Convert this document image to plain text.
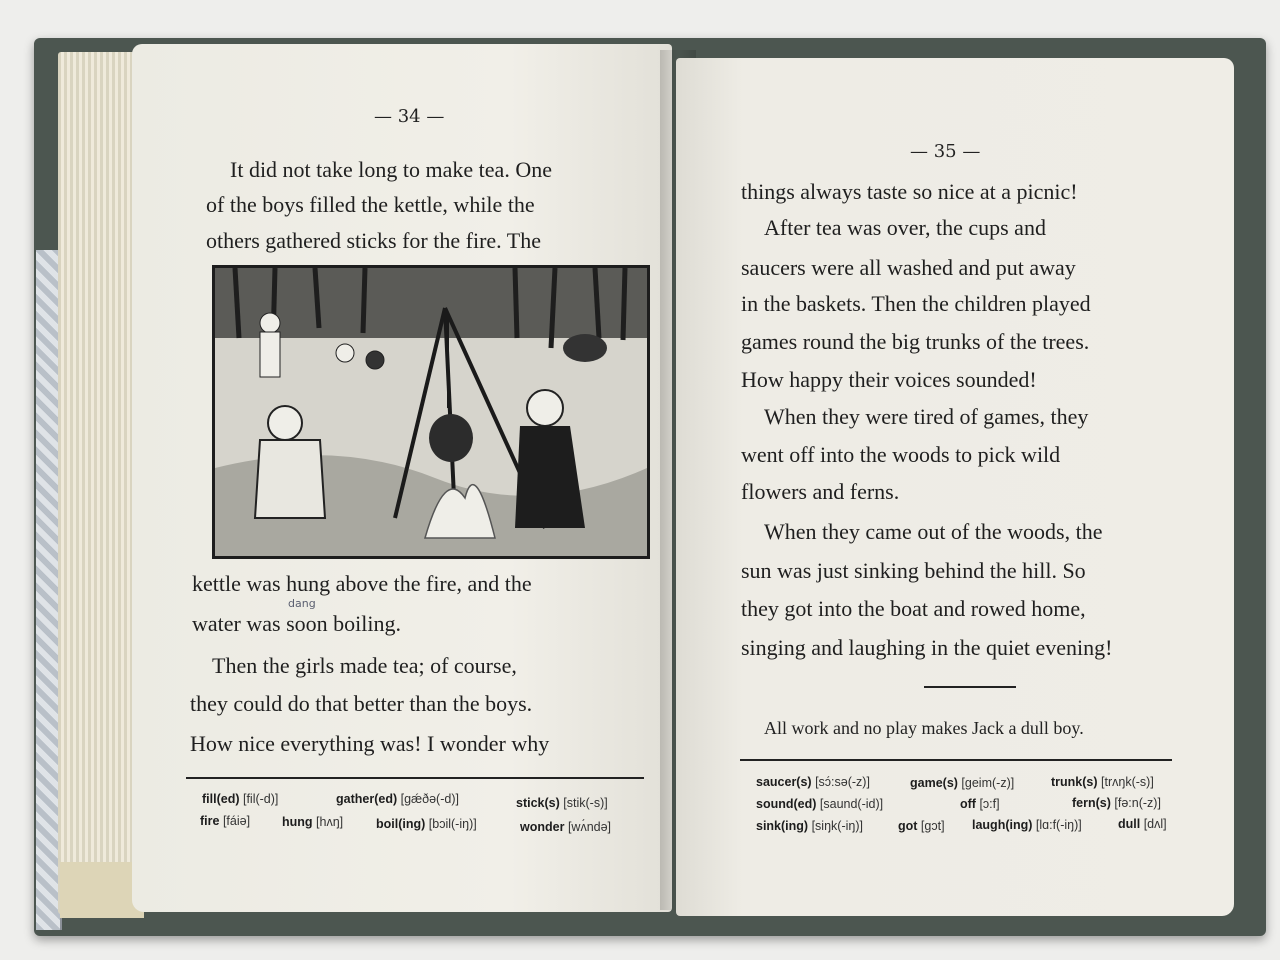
— 34 —
It did not take long to make tea. One
of the boys filled the kettle, while the
others gathered sticks for the fire. The
kettle was hung above the fire, and the
dang
water was soon boiling.
Then the girls made tea; of course,
they could do that better than the boys.
How nice everything was! I wonder why
fill(ed) [fil(-d)]	gather(ed) [gǽðə(-d)]	stick(s) [stik(-s)]
fire [fáiə]	hung [hʌŋ]	boil(ing) [bɔil(-iŋ)]	wonder [wʌ́ndə]
— 35 —
things always taste so nice at a picnic!
After tea was over, the cups and
saucers were all washed and put away
in the baskets. Then the children played
games round the big trunks of the trees.
How happy their voices sounded!
When they were tired of games, they
went off into the woods to pick wild
flowers and ferns.
When they came out of the woods, the
sun was just sinking behind the hill. So
they got into the boat and rowed home,
singing and laughing in the quiet evening!
All work and no play makes Jack a dull boy.
saucer(s) [sɔ́:sə(-z)]	game(s) [geim(-z)]	trunk(s) [trʌŋk(-s)]
sound(ed) [saund(-id)]	off [ɔ:f]	fern(s) [fə:n(-z)]
sink(ing) [siŋk(-iŋ)]	got [gɔt] laugh(ing) [lɑ:f(-iŋ)]	dull [dʌl]
